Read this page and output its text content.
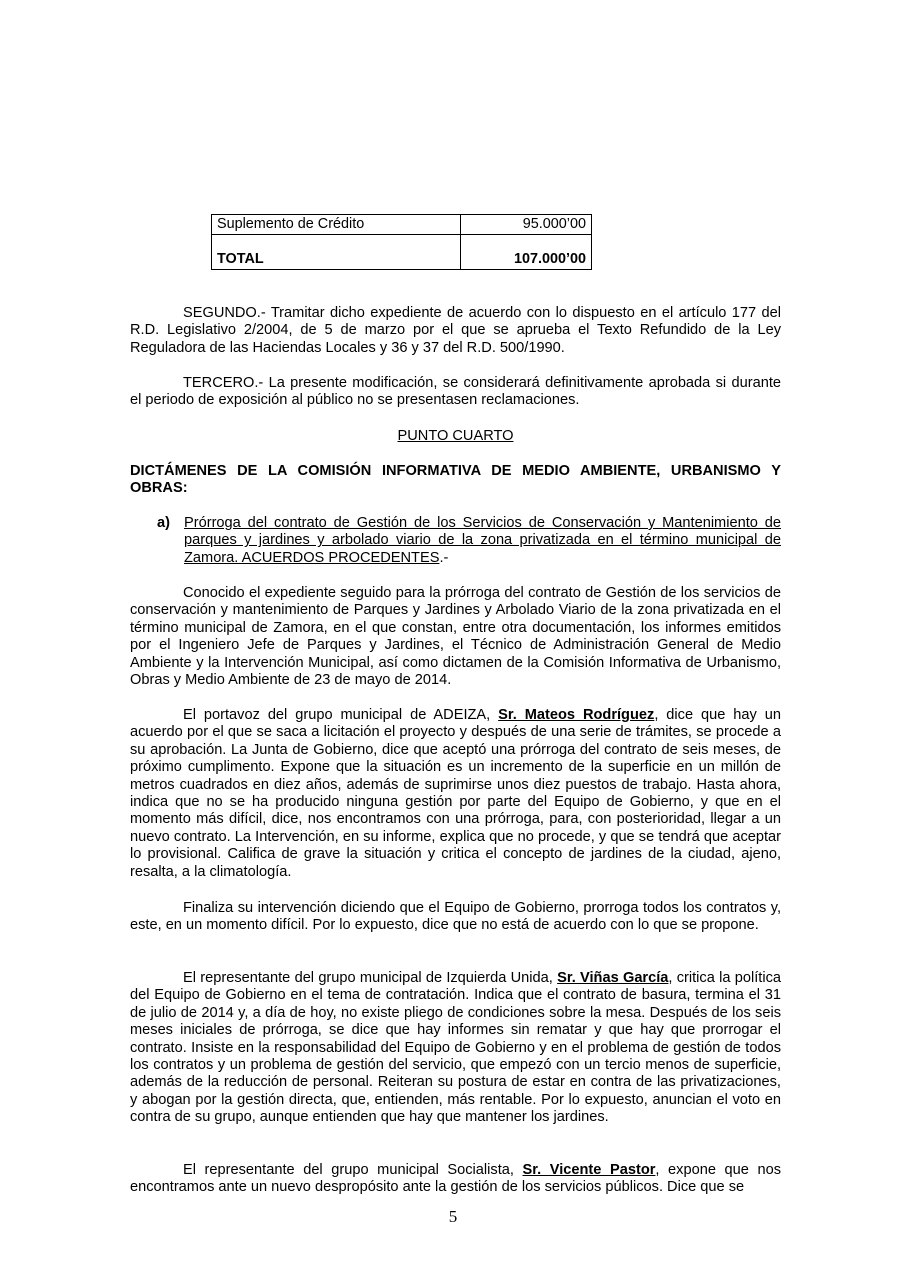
Suplemento de Crédito	95.000’00
TOTAL	107.000’00

SEGUNDO.- Tramitar dicho expediente de acuerdo con lo dispuesto en el artículo 177 del R.D. Legislativo 2/2004, de 5 de marzo por el que se aprueba el Texto Refundido de la Ley Reguladora de las Haciendas Locales y 36 y 37 del R.D. 500/1990.

TERCERO.- La presente modificación, se considerará definitivamente aprobada si durante el periodo de exposición al público no se presentasen reclamaciones.

PUNTO CUARTO

DICTÁMENES DE LA COMISIÓN INFORMATIVA DE MEDIO AMBIENTE, URBANISMO Y OBRAS:

a) Prórroga del contrato de Gestión de los Servicios de Conservación y Mantenimiento de parques y jardines y arbolado viario de la zona privatizada en el término municipal de Zamora. ACUERDOS PROCEDENTES.-

Conocido el expediente seguido para la prórroga del contrato de Gestión de los servicios de conservación y mantenimiento de Parques y Jardines y Arbolado Viario de la zona privatizada en el término municipal de Zamora, en el que constan, entre otra documentación, los informes emitidos por el Ingeniero Jefe de Parques y Jardines, el Técnico de Administración General de Medio Ambiente y la Intervención Municipal, así como dictamen de la Comisión Informativa de Urbanismo, Obras y Medio Ambiente de 23 de mayo de 2014.

El portavoz del grupo municipal de ADEIZA, Sr. Mateos Rodríguez, dice que hay un acuerdo por el que se saca a licitación el proyecto y después de una serie de trámites, se procede a su aprobación. La Junta de Gobierno, dice que aceptó una prórroga del contrato de seis meses, de próximo cumplimento. Expone que la situación es un incremento de la superficie en un millón de metros cuadrados en diez años, además de suprimirse unos diez puestos de trabajo. Hasta ahora, indica que no se ha producido ninguna gestión por parte del Equipo de Gobierno, y que en el momento más difícil, dice, nos encontramos con una prórroga, para, con posterioridad, llegar a un nuevo contrato. La Intervención, en su informe, explica que no procede, y que se tendrá que aceptar lo provisional. Califica de grave la situación y critica el concepto de jardines de la ciudad, ajeno, resalta, a la climatología.

Finaliza su intervención diciendo que el Equipo de Gobierno, prorroga todos los contratos y, este, en un momento difícil. Por lo expuesto, dice que no está de acuerdo con lo que se propone.

El representante del grupo municipal de Izquierda Unida, Sr. Viñas García, critica la política del Equipo de Gobierno en el tema de contratación. Indica que el contrato de basura, termina el 31 de julio de 2014 y, a día de hoy, no existe pliego de condiciones sobre la mesa. Después de los seis meses iniciales de prórroga, se dice que hay informes sin rematar y que hay que prorrogar el contrato. Insiste en la responsabilidad del Equipo de Gobierno y en el problema de gestión de todos los contratos y un problema de gestión del servicio, que empezó con un tercio menos de superficie, además de la reducción de personal. Reiteran su postura de estar en contra de las privatizaciones, y abogan por la gestión directa, que, entienden, más rentable. Por lo expuesto, anuncian el voto en contra de su grupo, aunque entienden que hay que mantener los jardines.

El representante del grupo municipal Socialista, Sr. Vicente Pastor, expone que nos encontramos ante un nuevo despropósito ante la gestión de los servicios públicos. Dice que se

5
